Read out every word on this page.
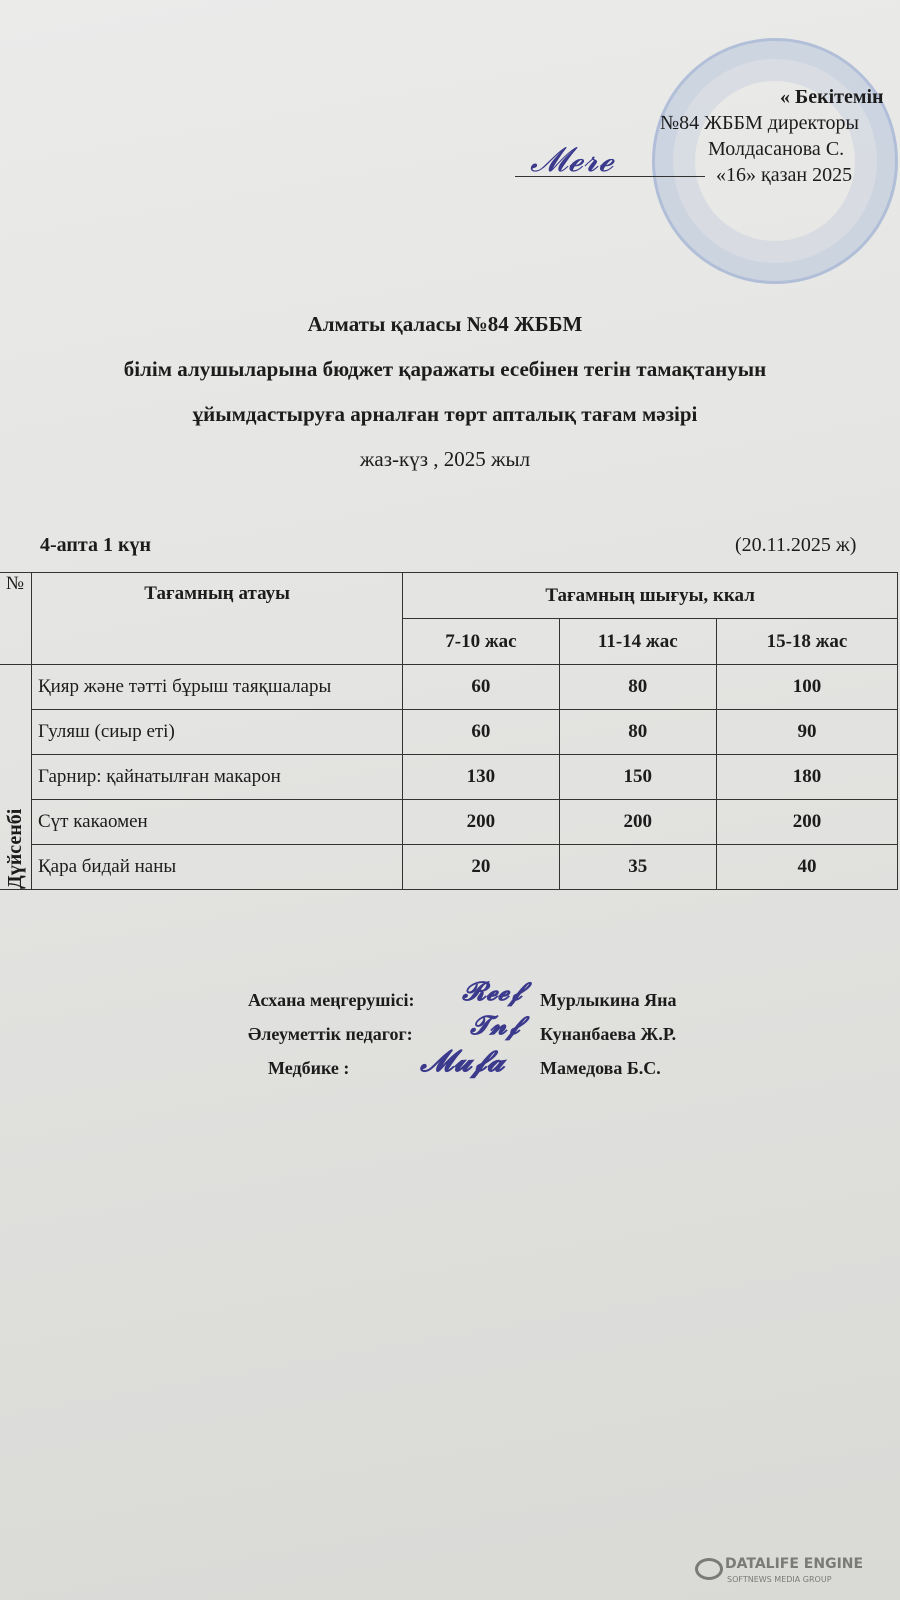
« Бекітемін
№84 ЖББМ директоры
Молдасанова С.
«16» қазан 2025
𝓜𝓮𝓻𝓮
Алматы қаласы №84 ЖББМ
білім алушыларына бюджет қаражаты есебінен тегін тамақтануын
ұйымдастыруға арналған төрт апталық тағам мәзірі
жаз-күз , 2025 жыл
4-апта 1 күн	(20.11.2025 ж)
№	Тағамның атауы	Тағамның шығуы, ккал		
		7-10 жас	11-14 жас	15-18 жас
Дүйсенбі	Қияр және тәтті бұрыш таяқшалары	60	80	100
	Гуляш (сиыр еті)	60	80	90
	Гарнир: қайнатылған макарон	130	150	180
	Сүт какаомен	200	200	200
	Қара бидай наны	20	35	40
Асхана меңгерушісі: 𝓡𝓮𝓮𝓯 Мурлыкина Яна
Әлеуметтік педагог: 𝓣𝓷𝓯 Кунанбаева Ж.Р.
Медбике : 𝓜𝓾𝓯𝓪 Мамедова Б.С.
DATALIFE ENGINE
SOFTNEWS MEDIA GROUP
